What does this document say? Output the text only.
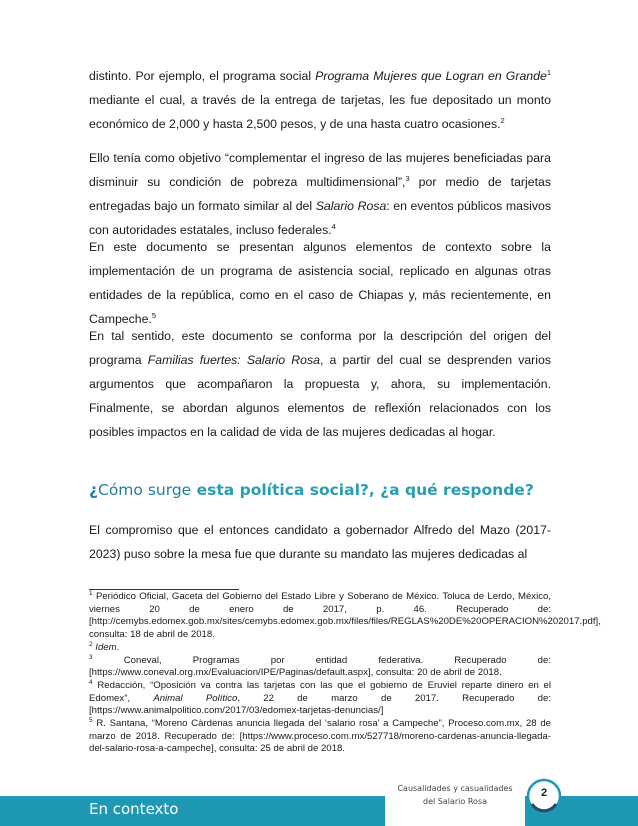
distinto. Por ejemplo, el programa social Programa Mujeres que Logran en Grande$^1$ mediante el cual, a través de la entrega de tarjetas, les fue depositado un monto económico de 2,000 y hasta 2,500 pesos, y de una hasta cuatro ocasiones.$^2$

Ello tenía como objetivo “complementar el ingreso de las mujeres beneficiadas para disminuir su condición de pobreza multidimensional”,$^3$ por medio de tarjetas entregadas bajo un formato similar al del Salario Rosa: en eventos públicos masivos con autoridades estatales, incluso federales.$^4$

En este documento se presentan algunos elementos de contexto sobre la implementación de un programa de asistencia social, replicado en algunas otras entidades de la república, como en el caso de Chiapas y, más recientemente, en Campeche.$^5$

En tal sentido, este documento se conforma por la descripción del origen del programa Familias fuertes: Salario Rosa, a partir del cual se desprenden varios argumentos que acompañaron la propuesta y, ahora, su implementación. Finalmente, se abordan algunos elementos de reflexión relacionados con los posibles impactos en la calidad de vida de las mujeres dedicadas al hogar.

¿Cómo surge esta política social?, ¿a qué responde?

El compromiso que el entonces candidato a gobernador Alfredo del Mazo (2017-2023) puso sobre la mesa fue que durante su mandato las mujeres dedicadas al

$^1$ Periódico Oficial, Gaceta del Gobierno del Estado Libre y Soberano de México. Toluca de Lerdo, México, viernes 20 de enero de 2017, p. 46. Recuperado de: [http://cemybs.edomex.gob.mx/sites/cemybs.edomex.gob.mx/files/files/REGLAS%20DE%20OPERACION%202017.pdf], consulta: 18 de abril de 2018.

$^2$ Idem.

$^3$ Coneval, Programas por entidad federativa. Recuperado de: [https://www.coneval.org.mx/Evaluacion/IPE/Paginas/default.aspx], consulta: 20 de abril de 2018.

$^4$ Redacción, “Oposición va contra las tarjetas con las que el gobierno de Eruviel reparte dinero en el Edomex”, Animal Político, 22 de marzo de 2017. Recuperado de: [https://www.animalpolitico.com/2017/03/edomex-tarjetas-denuncias/]

$^5$ R. Santana, “Moreno Càrdenas anuncia llegada del ‘salario rosa’ a Campeche”, Proceso.com.mx, 28 de marzo de 2018. Recuperado de: [https://www.proceso.com.mx/527718/moreno-cardenas-anuncia-llegada-del-salario-rosa-a-campeche], consulta: 25 de abril de 2018.

En contexto
Causalidades y casualidades
del Salario Rosa
2
